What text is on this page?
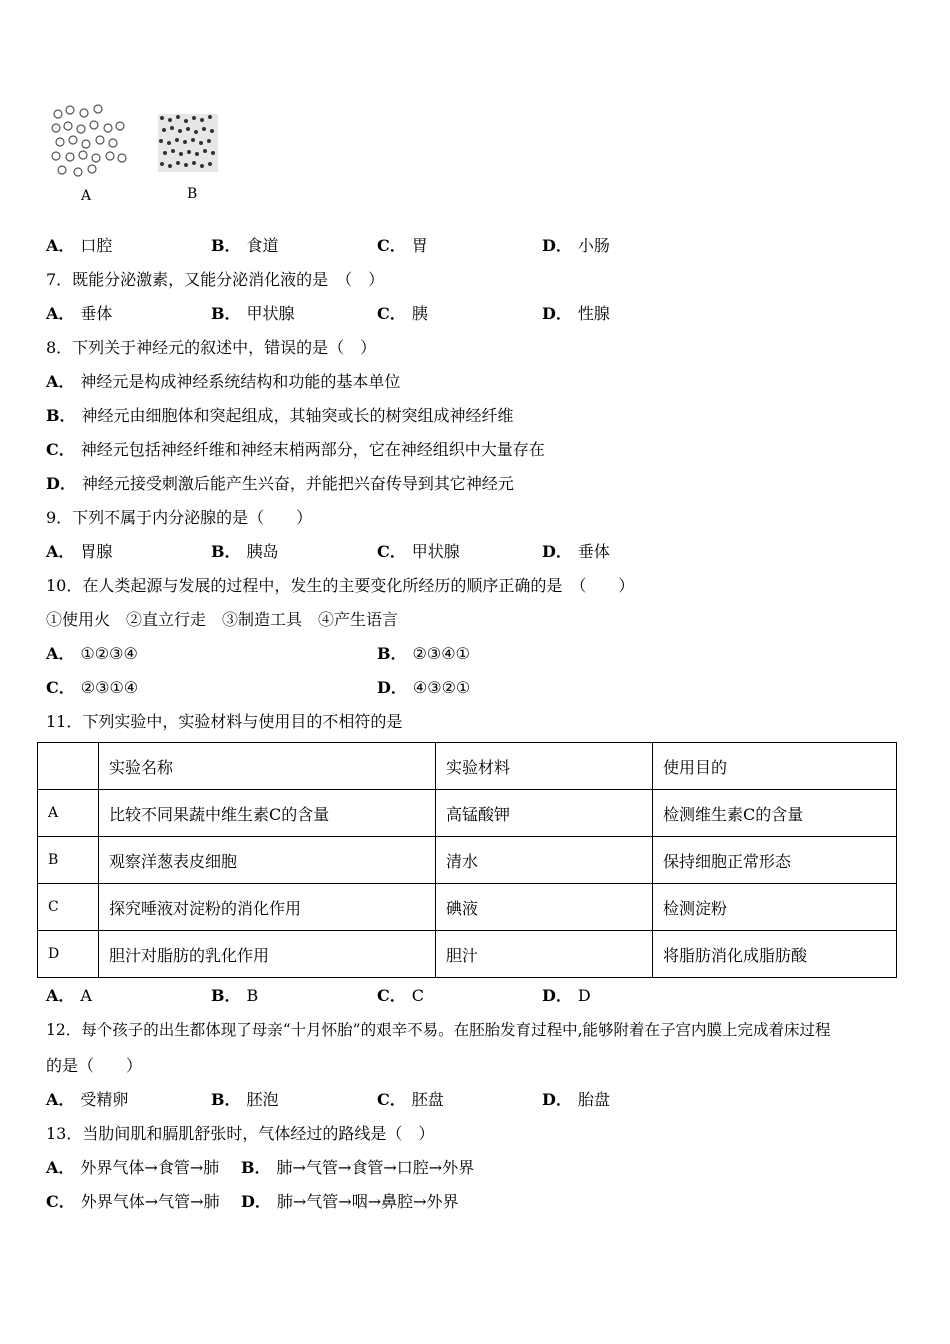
A	B
A． 口腔	B． 食道	C． 胃	D． 小肠
7．既能分泌激素，又能分泌消化液的是　（　）
A． 垂体	B． 甲状腺	C． 胰	D． 性腺
8．下列关于神经元的叙述中，错误的是（　）
A． 神经元是构成神经系统结构和功能的基本单位
B． 神经元由细胞体和突起组成，其轴突或长的树突组成神经纤维
C． 神经元包括神经纤维和神经末梢两部分，它在神经组织中大量存在
D． 神经元接受刺激后能产生兴奋，并能把兴奋传导到其它神经元
9．下列不属于内分泌腺的是（　　）
A． 胃腺	B． 胰岛	C． 甲状腺	D． 垂体
10．在人类起源与发展的过程中，发生的主要变化所经历的顺序正确的是　（　　）
①使用火　②直立行走　③制造工具　④产生语言
A． ①②③④	B． ②③④①
C． ②③①④	D． ④③②①
11．下列实验中，实验材料与使用目的不相符的是
	实验名称	实验材料	使用目的
A	比较不同果蔬中维生素C的含量	高锰酸钾	检测维生素C的含量
B	观察洋葱表皮细胞	清水	保持细胞正常形态
C	探究唾液对淀粉的消化作用	碘液	检测淀粉
D	胆汁对脂肪的乳化作用	胆汁	将脂肪消化成脂肪酸
A． A	B． B	C． C	D． D
12．每个孩子的出生都体现了母亲“十月怀胎”的艰辛不易。在胚胎发育过程中,能够附着在子宫内膜上完成着床过程
的是（　　）
A． 受精卵	B． 胚泡	C． 胚盘	D． 胎盘
13．当肋间肌和膈肌舒张时，气体经过的路线是（　）
A． 外界气体→食管→肺 B． 肺→气管→食管→口腔→外界
C． 外界气体→气管→肺 D． 肺→气管→咽→鼻腔→外界
